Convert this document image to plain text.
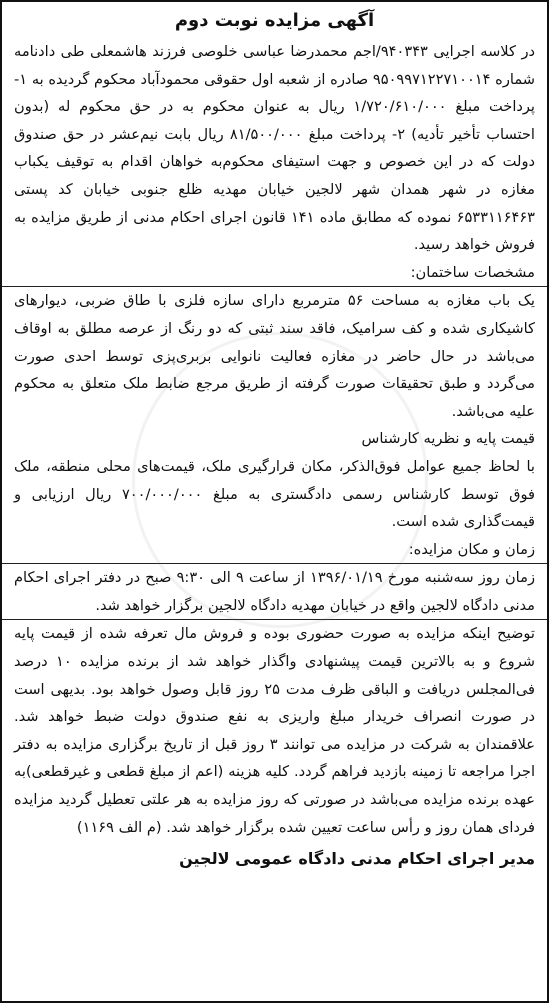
آگهی مزایده نوبت دوم

در کلاسه اجرایی ۹۴۰۳۴۳/اجم محمدرضا عباسی خلوصی فرزند هاشمعلی طی دادنامه شماره ۹۵۰۹۹۷۱۲۲۷۱۰۰۱۴ صادره از شعبه اول حقوقی محمودآباد محکوم گردیده به ۱- پرداخت مبلغ ۱/۷۲۰/۶۱۰/۰۰۰ ریال به عنوان محکوم به در حق محکوم له (بدون احتساب تأخیر تأدیه) ۲- پرداخت مبلغ ۸۱/۵۰۰/۰۰۰ ریال بابت نیم‌عشر در حق صندوق دولت که در این خصوص و جهت استیفای محکوم‌به خواهان اقدام به توقیف یکباب مغازه در شهر همدان شهر لالجین خیابان مهدیه ظلع جنوبی خیابان کد پستی ۶۵۳۳۱۱۶۴۶۳ نموده که مطابق ماده ۱۴۱ قانون اجرای احکام مدنی از طریق مزایده به فروش خواهد رسید.

مشخصات ساختمان:

یک باب مغازه به مساحت ۵۶ مترمربع دارای سازه فلزی با طاق ضربی، دیوارهای کاشیکاری شده و کف سرامیک، فاقد سند ثبتی که دو رنگ از عرصه مطلق به اوقاف می‌باشد در حال حاضر در مغازه فعالیت نانوایی بربری‌پزی توسط احدی صورت می‌گردد و طبق تحقیقات صورت گرفته از طریق مرجع ضابط ملک متعلق به محکوم علیه می‌باشد.

قیمت پایه و نظریه کارشناس

با لحاظ جمیع عوامل فوق‌الذکر، مکان قرارگیری ملک، قیمت‌های محلی منطقه، ملک فوق توسط کارشناس رسمی دادگستری به مبلغ ۷۰۰/۰۰۰/۰۰۰ ریال ارزیابی و قیمت‌گذاری شده است.

زمان و مکان مزایده:

زمان روز سه‌شنبه مورخ ۱۳۹۶/۰۱/۱۹ از ساعت ۹ الی ۹:۳۰ صبح در دفتر اجرای احکام مدنی دادگاه لالجین واقع در خیابان مهدیه دادگاه لالجین برگزار خواهد شد.

توضیح اینکه مزایده به صورت حضوری بوده و فروش مال تعرفه شده از قیمت پایه شروع و به بالاترین قیمت پیشنهادی واگذار خواهد شد از برنده مزایده ۱۰ درصد فی‌المجلس دریافت و الباقی ظرف مدت ۲۵ روز قابل وصول خواهد بود. بدیهی است در صورت انصراف خریدار مبلغ واریزی به نفع صندوق دولت ضبط خواهد شد. علاقمندان به شرکت در مزایده می توانند ۳ روز قبل از تاریخ برگزاری مزایده به دفتر اجرا مراجعه تا زمینه بازدید فراهم گردد. کلیه هزینه (اعم از مبلغ قطعی و غیرقطعی)به عهده برنده مزایده می‌باشد در صورتی که روز مزایده به هر علتی تعطیل گردید مزایده فردای همان روز و رأس ساعت تعیین شده برگزار خواهد شد. (م الف ۱۱۶۹)

مدیر اجرای احکام مدنی دادگاه عمومی لالجین
